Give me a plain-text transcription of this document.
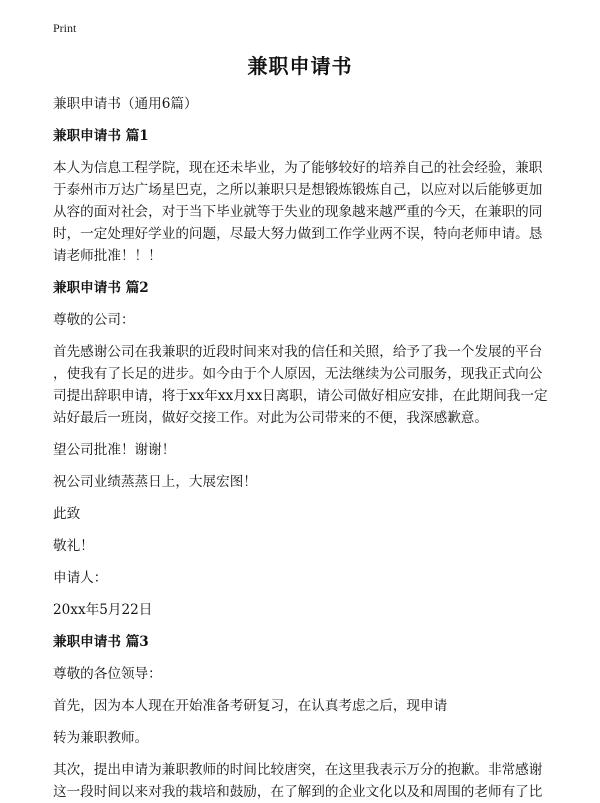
Print
兼职申请书

兼职申请书（通用6篇）

兼职申请书 篇1

本人为信息工程学院，现在还未毕业，为了能够较好的培养自己的社会经验，兼职

于泰州市万达广场星巴克，之所以兼职只是想锻炼锻炼自己，以应对以后能够更加

从容的面对社会，对于当下毕业就等于失业的现象越来越严重的今天，在兼职的同

时，一定处理好学业的问题，尽最大努力做到工作学业两不误，特向老师申请。恳

请老师批准！！！

兼职申请书 篇2

尊敬的公司：

首先感谢公司在我兼职的近段时间来对我的信任和关照，给予了我一个发展的平台

，使我有了长足的进步。如今由于个人原因，无法继续为公司服务，现我正式向公

司提出辞职申请，将于xx年xx月xx日离职，请公司做好相应安排，在此期间我一定

站好最后一班岗，做好交接工作。对此为公司带来的不便，我深感歉意。

望公司批准！谢谢！

祝公司业绩蒸蒸日上，大展宏图！

此致

敬礼！

申请人：

20xx年5月22日

兼职申请书 篇3

尊敬的各位领导：

首先，因为本人现在开始准备考研复习，在认真考虑之后，现申请

转为兼职教师。

其次，提出申请为兼职教师的时间比较唐突，在这里我表示万分的抱歉。非常感谢

这一段时间以来对我的栽培和鼓励，在了解到的企业文化以及和周围的老师有了比
